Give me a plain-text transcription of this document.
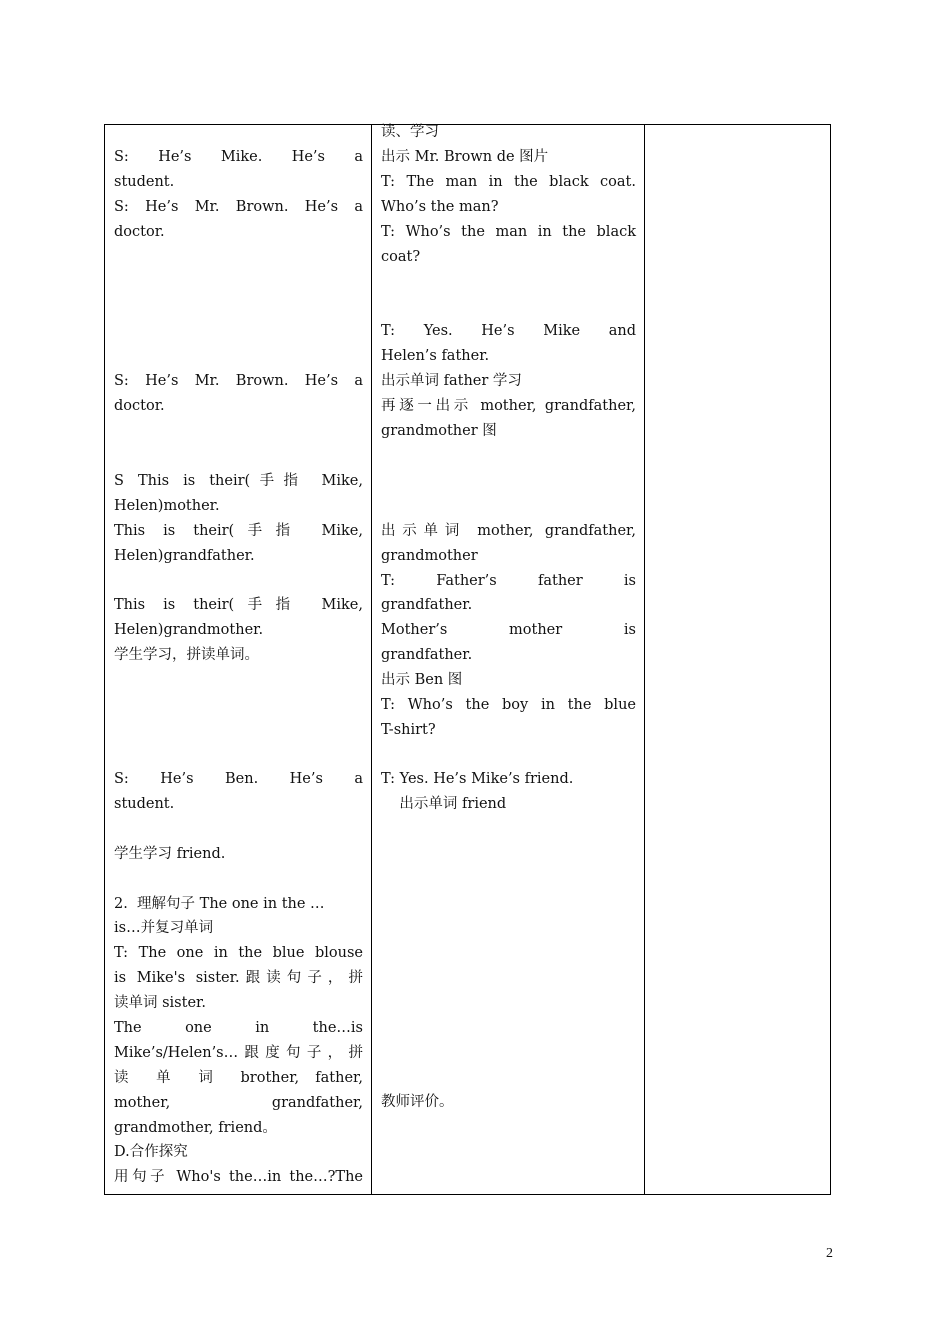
S: He’s Mike. He’s a
student.
S: He’s Mr. Brown. He’s a
doctor.
S: He’s Mr. Brown. He’s a
doctor.
S This is their(手指 Mike,
Helen)mother.
This is their(手指 Mike,
Helen)grandfather.
This is their(手指 Mike,
Helen)grandmother.
学生学习，拼读单词。
S: He’s Ben. He’s a
student.
学生学习 friend.
2.  理解句子 The one in the …
is…并复习单词
T: The one in the blue blouse
is Mike's sister.跟读句子，拼
读单词 sister.
The one in the…is
Mike’s/Helen’s…跟度句子，拼
读 单 词 brother, father,
mother, grandfather,
grandmother, friend。
D.合作探究
用句子 Who's the…in the…?The
读、学习
出示 Mr. Brown de 图片
T: The man in the black coat.
Who’s the man?
T: Who’s the man in the black
coat?
T: Yes. He’s Mike and
Helen’s father.
出示单词 father 学习
再逐一出示 mother, grandfather,
grandmother 图
出示单词 mother, grandfather,
grandmother
T: Father’s father is
grandfather.
Mother’s mother is
grandfather.
出示 Ben 图
T: Who’s the boy in the blue
T-shirt?
T: Yes. He’s Mike’s friend.
出示单词 friend
教师评价。
2
